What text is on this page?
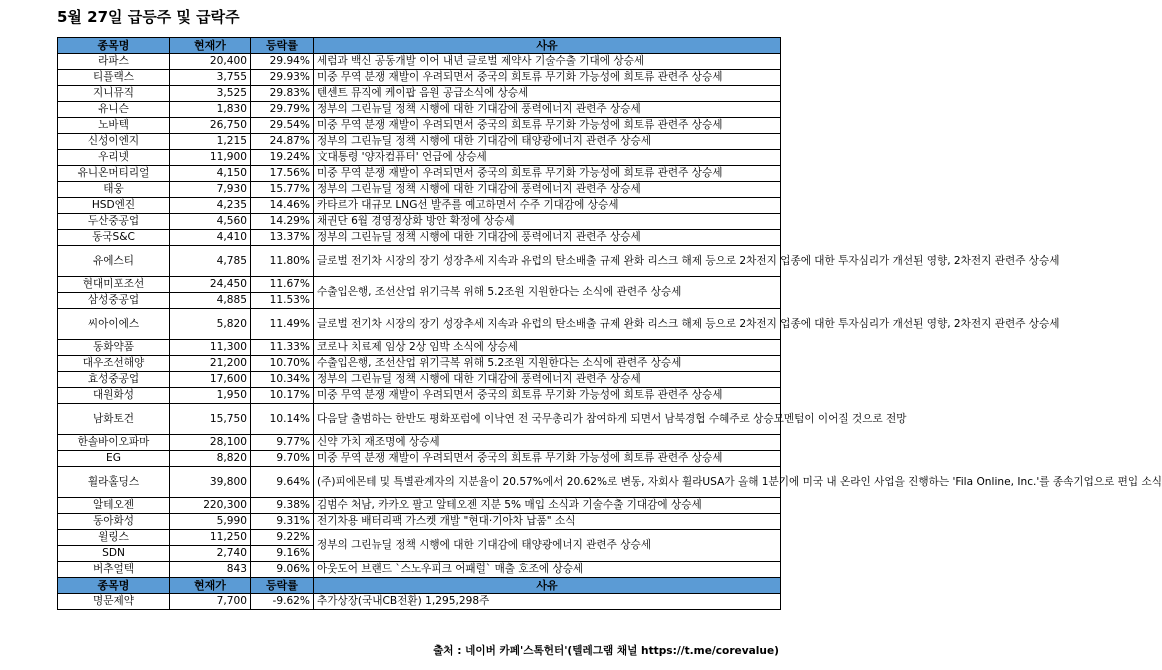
5월 27일 급등주 및 급락주
종목명	현재가	등락률	사유
라파스	20,400	29.94%	세럼과 백신 공동개발 이어 내년 글로벌 제약사 기술수출 기대에 상승세
티플랙스	3,755	29.93%	미중 무역 분쟁 재발이 우려되면서 중국의 희토류 무기화 가능성에 희토류 관련주 상승세
지니뮤직	3,525	29.83%	텐센트 뮤직에 케이팝 음원 공급소식에 상승세
유니슨	1,830	29.79%	정부의 그린뉴딜 정책 시행에 대한 기대감에 풍력에너지 관련주 상승세
노바텍	26,750	29.54%	미중 무역 분쟁 재발이 우려되면서 중국의 희토류 무기화 가능성에 희토류 관련주 상승세
신성이엔지	1,215	24.87%	정부의 그린뉴딜 정책 시행에 대한 기대감에 태양광에너지 관련주 상승세
우리넷	11,900	19.24%	文대통령 '양자컴퓨터' 언급에 상승세
유니온머티리얼	4,150	17.56%	미중 무역 분쟁 재발이 우려되면서 중국의 희토류 무기화 가능성에 희토류 관련주 상승세
태웅	7,930	15.77%	정부의 그린뉴딜 정책 시행에 대한 기대감에 풍력에너지 관련주 상승세
HSD엔진	4,235	14.46%	카타르가 대규모 LNG선 발주를 예고하면서 수주 기대감에 상승세
두산중공업	4,560	14.29%	채권단 6월 경영정상화 방안 확정에 상승세
동국S&C	4,410	13.37%	정부의 그린뉴딜 정책 시행에 대한 기대감에 풍력에너지 관련주 상승세
유에스티	4,785	11.80%	글로벌 전기차 시장의 장기 성장추세 지속과 유럽의 탄소배출 규제 완화 리스크 해제 등으로 2차전지 업종에 대한 투자심리가 개선된 영향, 2차전지 관련주 상승세
현대미포조선	24,450	11.67%	수출입은행, 조선산업 위기극복 위해 5.2조원 지원한다는 소식에 관련주 상승세
삼성중공업	4,885	11.53%	
씨아이에스	5,820	11.49%	글로벌 전기차 시장의 장기 성장추세 지속과 유럽의 탄소배출 규제 완화 리스크 해제 등으로 2차전지 업종에 대한 투자심리가 개선된 영향, 2차전지 관련주 상승세
동화약품	11,300	11.33%	코로나 치료제 임상 2상 임박 소식에 상승세
대우조선해양	21,200	10.70%	수출입은행, 조선산업 위기극복 위해 5.2조원 지원한다는 소식에 관련주 상승세
효성중공업	17,600	10.34%	정부의 그린뉴딜 정책 시행에 대한 기대감에 풍력에너지 관련주 상승세
대원화성	1,950	10.17%	미중 무역 분쟁 재발이 우려되면서 중국의 희토류 무기화 가능성에 희토류 관련주 상승세
남화토건	15,750	10.14%	다음달 출범하는 한반도 평화포럼에 이낙연 전 국무총리가 참여하게 되면서 남북경협 수혜주로 상승모멘텀이 이어질 것으로 전망
한솔바이오파마	28,100	9.77%	신약 가치 재조명에 상승세
EG	8,820	9.70%	미중 무역 분쟁 재발이 우려되면서 중국의 희토류 무기화 가능성에 희토류 관련주 상승세
휠라홀딩스	39,800	9.64%	(주)피에몬테 및 특별관계자의 지분율이 20.57%에서 20.62%로 변동, 자회사 휠라USA가 올해 1분기에 미국 내 온라인 사업을 진행하는 'Fila Online, Inc.'를 종속기업으로 편입 소식
알테오젠	220,300	9.38%	김범수 처남, 카카오 팔고 알테오젠 지분 5% 매입 소식과 기술수출 기대감에 상승세
동아화성	5,990	9.31%	전기차용 배터리팩 가스켓 개발 "현대·기아차 납품" 소식
윌링스	11,250	9.22%	정부의 그린뉴딜 정책 시행에 대한 기대감에 태양광에너지 관련주 상승세
SDN	2,740	9.16%	
버추얼텍	843	9.06%	아웃도어 브랜드 `스노우피크 어패럴` 매출 호조에 상승세
종목명	현재가	등락률	사유
명문제약	7,700	-9.62%	추가상장(국내CB전환) 1,295,298주
출처 : 네이버 카페'스톡헌터'(텔레그램 채널 https://t.me/corevalue)
